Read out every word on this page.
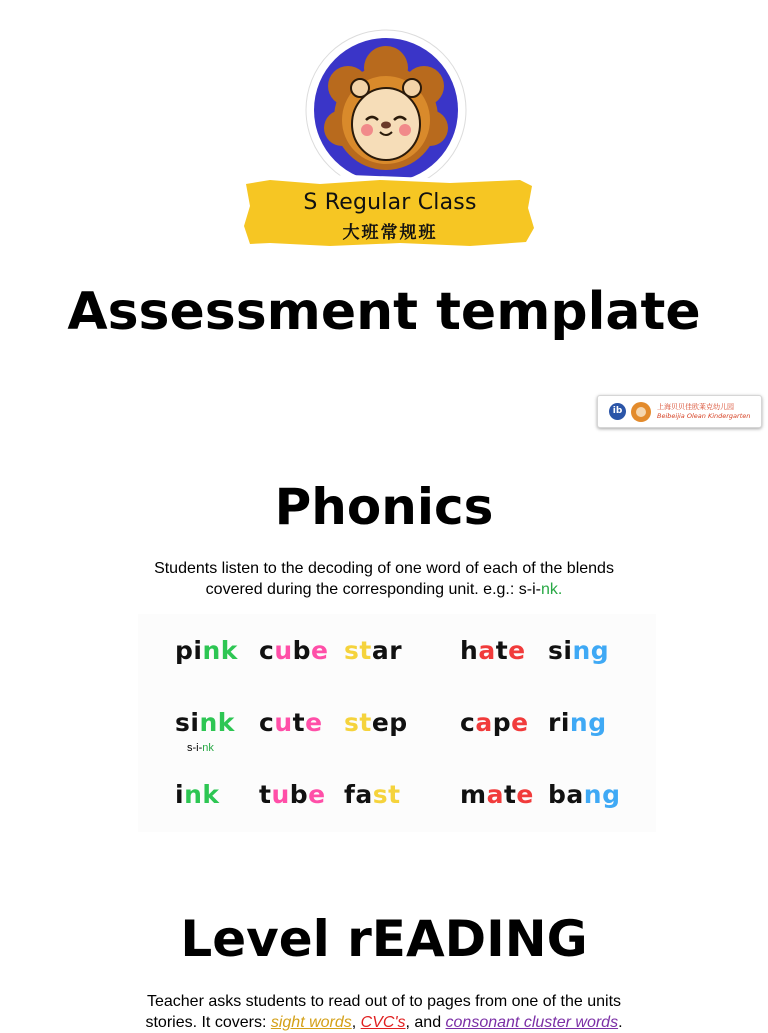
S Regular Class
大班常规班
Assessment template
ib	上海贝贝佳欧莱克幼儿园
Beibeijia Olean Kindergarten
Phonics

Students listen to the decoding of one word of each of the blends
covered during the corresponding unit. e.g.: s-i-nk.

pink cube star hate sing
sink cute step cape ring
ink tube fast mate bang
s-i-nk
Level rEADING

Teacher asks students to read out of to pages from one of the units
stories. It covers: sight words, CVC's, and consonant cluster words.
